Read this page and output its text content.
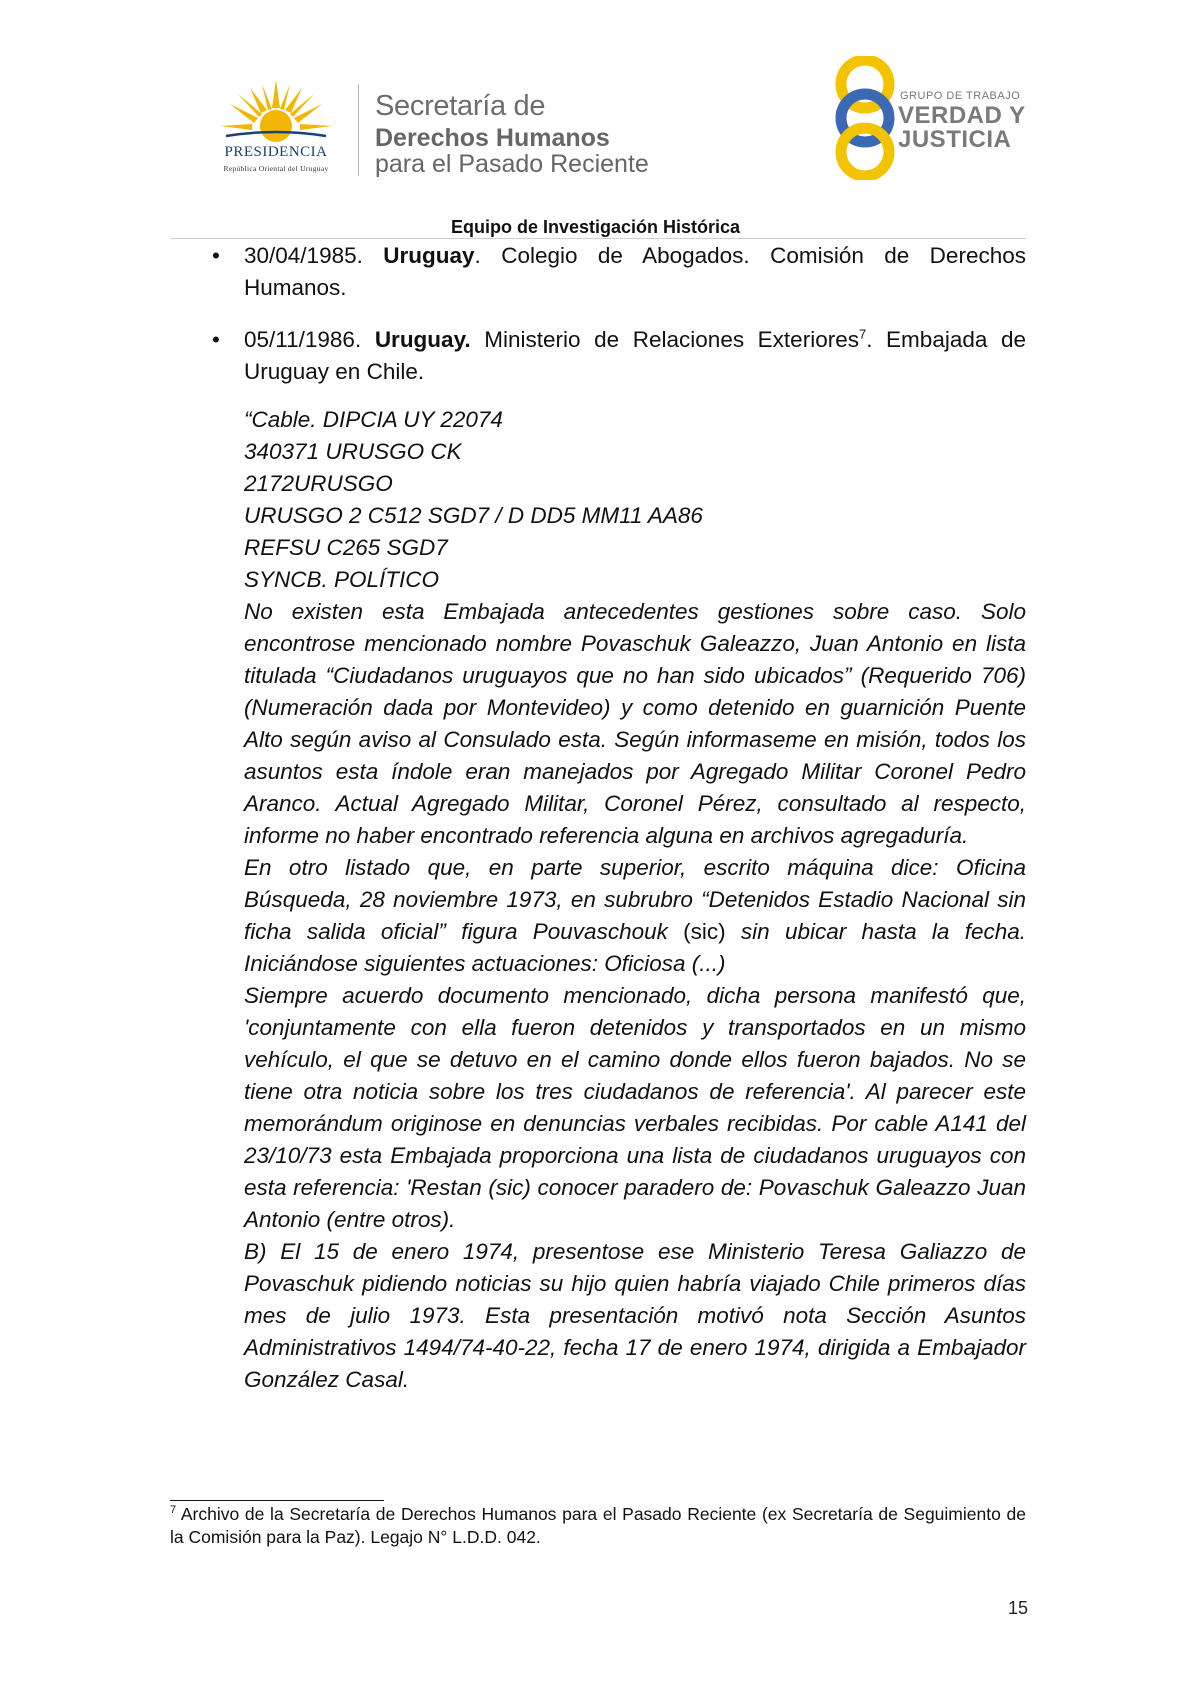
PRESIDENCIA
República Oriental del Uruguay
Secretaría de
Derechos Humanos
para el Pasado Reciente
GRUPO DE TRABAJO
VERDAD Y
JUSTICIA
Equipo de Investigación Histórica

• 30/04/1985. Uruguay. Colegio de Abogados. Comisión de Derechos Humanos.

• 05/11/1986. Uruguay. Ministerio de Relaciones Exteriores$^7$. Embajada de Uruguay en Chile.

“Cable. DIPCIA UY 22074

340371 URUSGO CK

2172URUSGO

URUSGO 2 C512 SGD7 / D DD5 MM11 AA86

REFSU C265 SGD7

SYNCB. POLÍTICO

No existen esta Embajada antecedentes gestiones sobre caso. Solo encontrose mencionado nombre Povaschuk Galeazzo, Juan Antonio en lista titulada “Ciudadanos uruguayos que no han sido ubicados” (Requerido 706) (Numeración dada por Montevideo) y como detenido en guarnición Puente Alto según aviso al Consulado esta. Según informaseme en misión, todos los asuntos esta índole eran manejados por Agregado Militar Coronel Pedro Aranco. Actual Agregado Militar, Coronel Pérez, consultado al respecto, informe no haber encontrado referencia alguna en archivos agregaduría.

En otro listado que, en parte superior, escrito máquina dice: Oficina Búsqueda, 28 noviembre 1973, en subrubro “Detenidos Estadio Nacional sin ficha salida oficial” figura Pouvaschouk (sic) sin ubicar hasta la fecha. Iniciándose siguientes actuaciones: Oficiosa (...)

Siempre acuerdo documento mencionado, dicha persona manifestó que, 'conjuntamente con ella fueron detenidos y transportados en un mismo vehículo, el que se detuvo en el camino donde ellos fueron bajados. No se tiene otra noticia sobre los tres ciudadanos de referencia'. Al parecer este memorándum originose en denuncias verbales recibidas. Por cable A141 del 23/10/73 esta Embajada proporciona una lista de ciudadanos uruguayos con esta referencia: 'Restan (sic) conocer paradero de: Povaschuk Galeazzo Juan Antonio (entre otros).

B) El 15 de enero 1974, presentose ese Ministerio Teresa Galiazzo de Povaschuk pidiendo noticias su hijo quien habría viajado Chile primeros días mes de julio 1973. Esta presentación motivó nota Sección Asuntos Administrativos 1494/74-40-22, fecha 17 de enero 1974, dirigida a Embajador González Casal.

$^7$ Archivo de la Secretaría de Derechos Humanos para el Pasado Reciente (ex Secretaría de Seguimiento de la Comisión para la Paz). Legajo N° L.D.D. 042.
15
